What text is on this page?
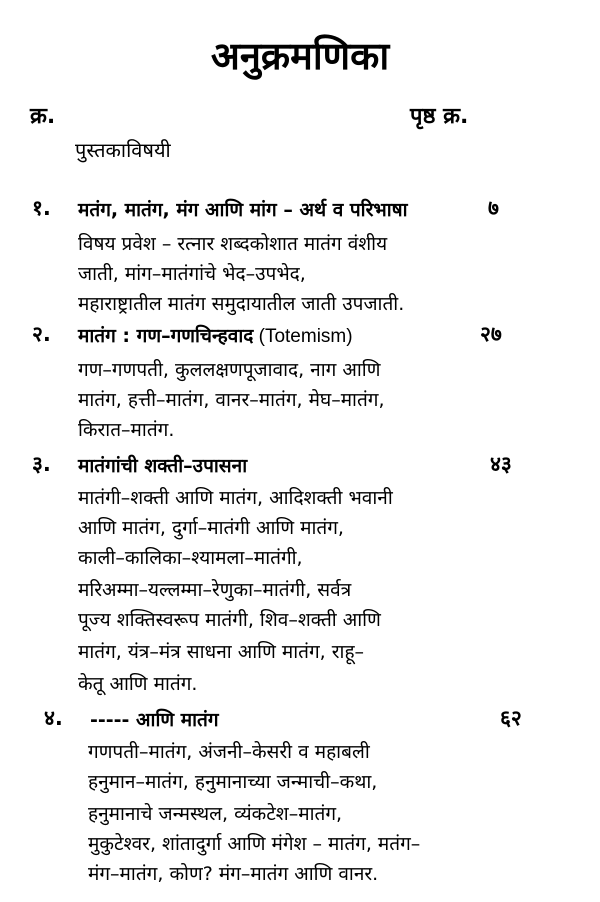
अनुक्रमणिका
क्र.	पृष्ठ क्र.
पुस्तकाविषयी
१. मतंग, मातंग, मंग आणि मांग – अर्थ व परिभाषा	७
विषय प्रवेश – रत्नार शब्दकोशात मातंग वंशीय
जाती, मांग–मातंगांचे भेद–उपभेद,
महाराष्ट्रातील मातंग समुदायातील जाती उपजाती.
२. मातंग : गण–गणचिन्हवाद (Totemism)	२७
गण–गणपती, कुललक्षणपूजावाद, नाग आणि
मातंग, हत्ती–मातंग, वानर–मातंग, मेघ–मातंग,
किरात–मातंग.
३. मातंगांची शक्ती–उपासना	४३
मातंगी–शक्ती आणि मातंग, आदिशक्ती भवानी
आणि मातंग, दुर्गा–मातंगी आणि मातंग,
काली–कालिका–श्यामला–मातंगी,
मरिअम्मा–यल्लम्मा–रेणुका–मातंगी, सर्वत्र
पूज्य शक्तिस्वरूप मातंगी, शिव–शक्ती आणि
मातंग, यंत्र–मंत्र साधना आणि मातंग, राहू–
केतू आणि मातंग.
४. ----- आणि मातंग	६२
गणपती–मातंग, अंजनी–केसरी व महाबली
हनुमान–मातंग, हनुमानाच्या जन्माची–कथा,
हनुमानाचे जन्मस्थल, व्यंकटेश–मातंग,
मुकुटेश्वर, शांतादुर्गा आणि मंगेश – मातंग, मतंग–
मंग–मातंग, कोण? मंग–मातंग आणि वानर.
